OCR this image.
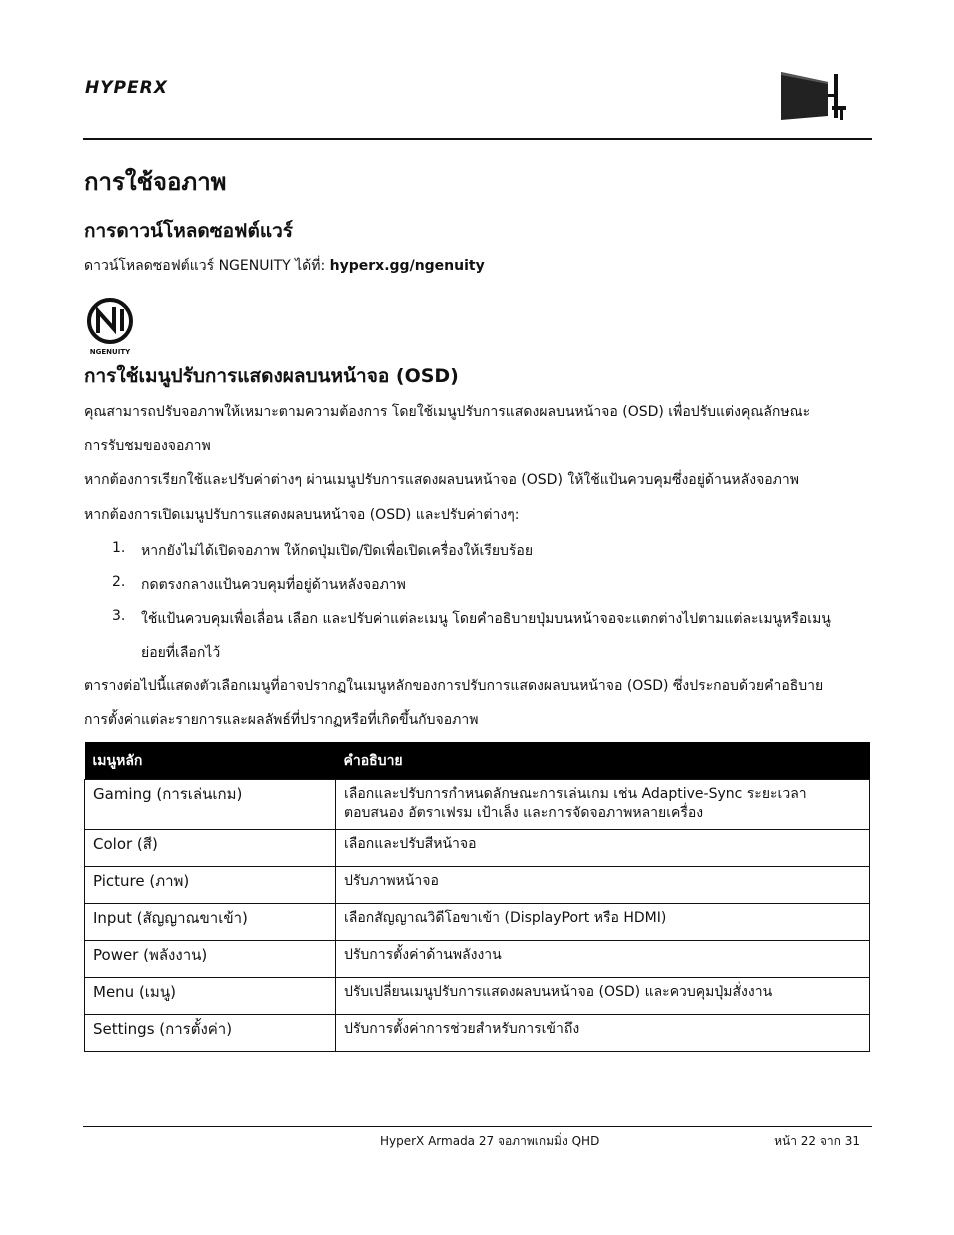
HYPERX
การใช้จอภาพ
การดาวน์โหลดซอฟต์แวร์
ดาวน์โหลดซอฟต์แวร์ NGENUITY ได้ที่: hyperx.gg/ngenuity
NGENUITY
การใช้เมนูปรับการแสดงผลบนหน้าจอ (OSD)
คุณสามารถปรับจอภาพให้เหมาะตามความต้องการ โดยใช้เมนูปรับการแสดงผลบนหน้าจอ (OSD) เพื่อปรับแต่งคุณลักษณะ
การรับชมของจอภาพ
หากต้องการเรียกใช้และปรับค่าต่างๆ ผ่านเมนูปรับการแสดงผลบนหน้าจอ (OSD) ให้ใช้แป้นควบคุมซึ่งอยู่ด้านหลังจอภาพ
หากต้องการเปิดเมนูปรับการแสดงผลบนหน้าจอ (OSD) และปรับค่าต่างๆ:
1. หากยังไม่ได้เปิดจอภาพ ให้กดปุ่มเปิด/ปิดเพื่อเปิดเครื่องให้เรียบร้อย
2. กดตรงกลางแป้นควบคุมที่อยู่ด้านหลังจอภาพ
3. ใช้แป้นควบคุมเพื่อเลื่อน เลือก และปรับค่าแต่ละเมนู โดยคำอธิบายปุ่มบนหน้าจอจะแตกต่างไปตามแต่ละเมนูหรือเมนู
ย่อยที่เลือกไว้
ตารางต่อไปนี้แสดงตัวเลือกเมนูที่อาจปรากฏในเมนูหลักของการปรับการแสดงผลบนหน้าจอ (OSD) ซึ่งประกอบด้วยคำอธิบาย
การตั้งค่าแต่ละรายการและผลลัพธ์ที่ปรากฏหรือที่เกิดขึ้นกับจอภาพ
เมนูหลัก	คำอธิบาย
Gaming (การเล่นเกม)	เลือกและปรับการกำหนดลักษณะการเล่นเกม เช่น Adaptive-Sync ระยะเวลา
ตอบสนอง อัตราเฟรม เป้าเล็ง และการจัดจอภาพหลายเครื่อง

Color (สี)	เลือกและปรับสีหน้าจอ
Picture (ภาพ)	ปรับภาพหน้าจอ
Input (สัญญาณขาเข้า)	เลือกสัญญาณวิดีโอขาเข้า (DisplayPort หรือ HDMI)
Power (พลังงาน)	ปรับการตั้งค่าด้านพลังงาน
Menu (เมนู)	ปรับเปลี่ยนเมนูปรับการแสดงผลบนหน้าจอ (OSD) และควบคุมปุ่มสั่งงาน
Settings (การตั้งค่า)	ปรับการตั้งค่าการช่วยสำหรับการเข้าถึง
HyperX Armada 27 จอภาพเกมมิ่ง QHD	หน้า 22 จาก 31
